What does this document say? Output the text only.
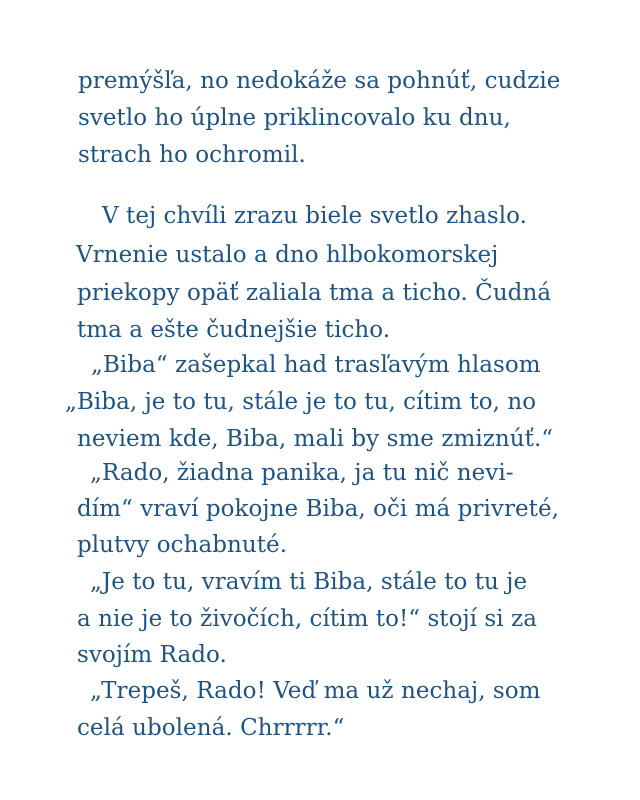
premýšľa, no nedokáže sa pohnúť, cudzie
svetlo ho úplne priklincovalo ku dnu,
strach ho ochromil.
V tej chvíli zrazu biele svetlo zhaslo.
Vrnenie ustalo a dno hlbokomorskej
priekopy opäť zaliala tma a ticho. Čudná
tma a ešte čudnejšie ticho.
„Biba“ zašepkal had trasľavým hlasom
„Biba, je to tu, stále je to tu, cítim to, no
neviem kde, Biba, mali by sme zmiznúť.“
„Rado, žiadna panika, ja tu nič nevi-
dím“ vraví pokojne Biba, oči má privreté,
plutvy ochabnuté.
„Je to tu, vravím ti Biba, stále to tu je
a nie je to živočích, cítim to!“ stojí si za
svojím Rado.
„Trepeš, Rado! Veď ma už nechaj, som
celá ubolená. Chrrrrr.“
